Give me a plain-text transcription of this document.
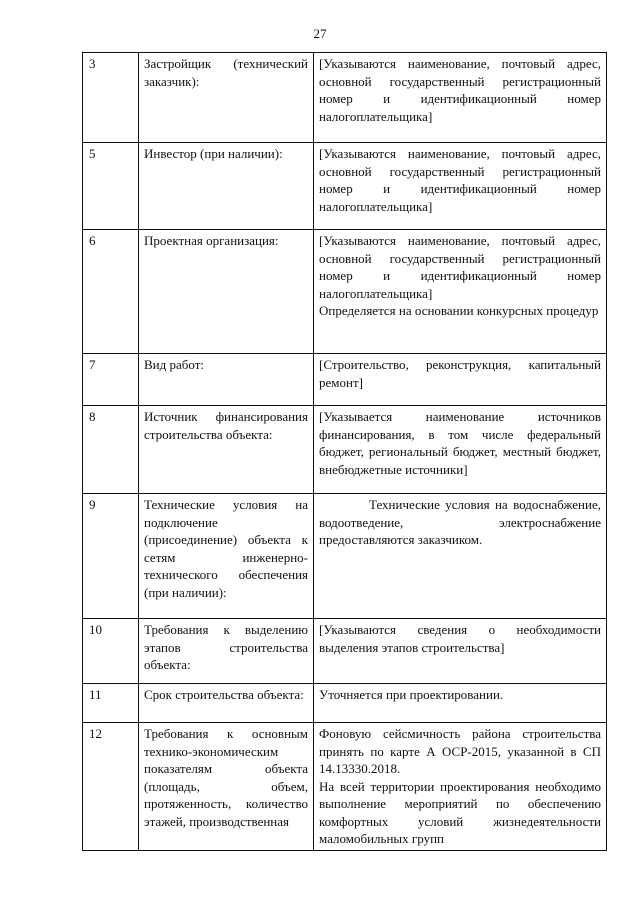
27
3	Застройщик (технический заказчик):	[Указываются наименование, почтовый адрес, основной государственный регистрационный номер и идентификационный номер налогоплательщика]

5	Инвестор (при наличии):	[Указываются наименование, почтовый адрес, основной государственный регистрационный номер и идентификационный номер налогоплательщика]

6	Проектная организация:	[Указываются наименование, почтовый адрес, основной государственный регистрационный номер и идентификационный номер налогоплательщика]
Определяется на основании конкурсных процедур

7	Вид работ:	[Строительство, реконструкция, капитальный ремонт]

8	Источник финансирования строительства объекта:	[Указывается наименование источников финансирования, в том числе федеральный бюджет, региональный бюджет, местный бюджет, внебюджетные источники]

9	Технические условия на подключение (присоединение) объекта к сетям инженерно-технического обеспечения (при наличии):	Технические условия на водоснабжение, водоотведение, электроснабжение предоставляются заказчиком.

10	Требования к выделению этапов строительства объекта:	[Указываются сведения о необходимости выделения этапов строительства]

11	Срок строительства объекта:	Уточняется при проектировании.

12	Требования к основным технико-экономическим показателям объекта (площадь, объем, протяженность, количество этажей, производственная	Фоновую сейсмичность района строительства принять по карте А ОСР-2015, указанной в СП 14.13330.2018.
На всей территории проектирования необходимо выполнение мероприятий по обеспечению комфортных условий жизнедеятельности маломобильных групп
